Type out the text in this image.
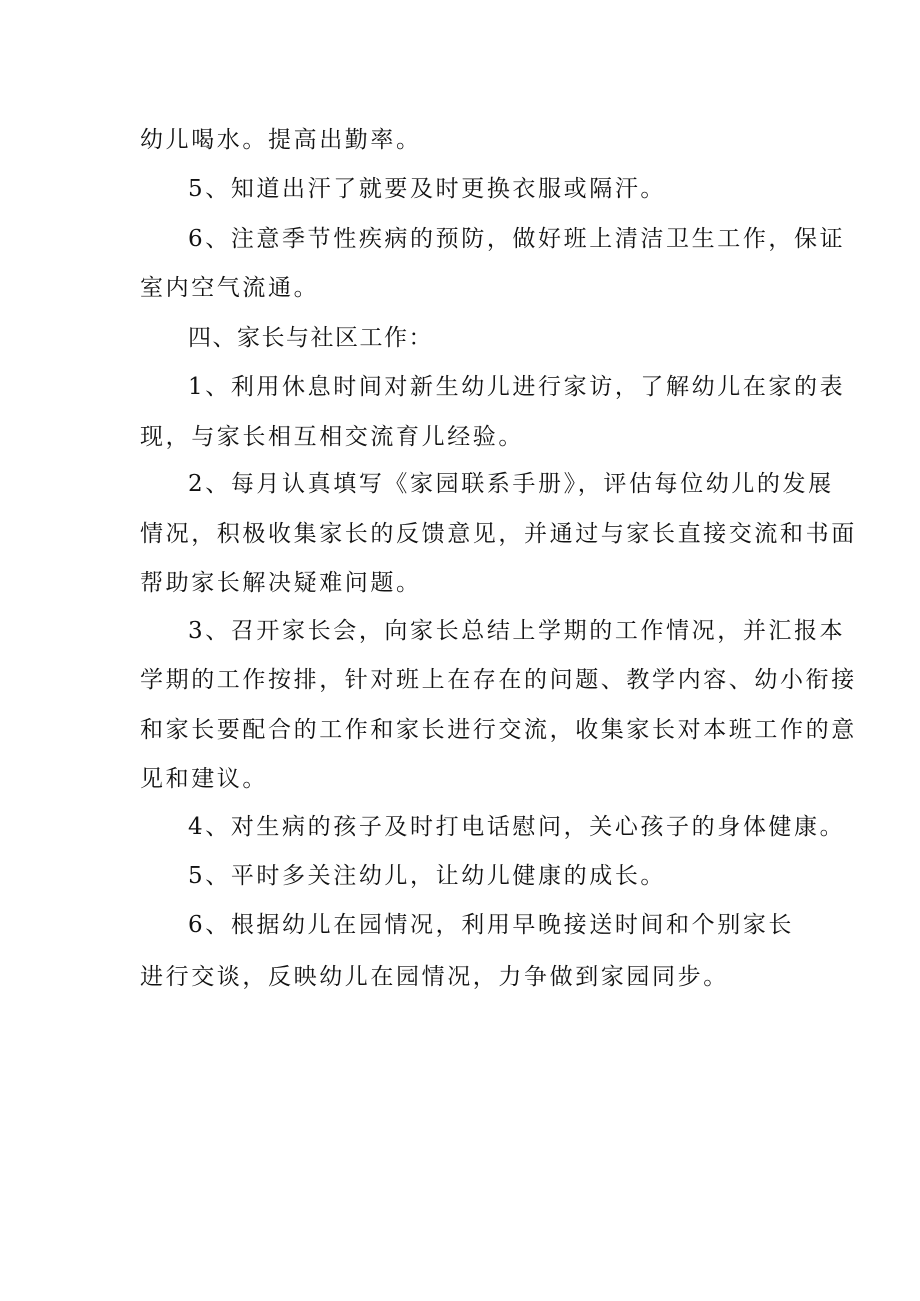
幼儿喝水。提高出勤率。
5、知道出汗了就要及时更换衣服或隔汗。
6、注意季节性疾病的预防，做好班上清洁卫生工作，保证
室内空气流通。
四、家长与社区工作：
1、利用休息时间对新生幼儿进行家访，了解幼儿在家的表
现，与家长相互相交流育儿经验。
2、每月认真填写《家园联系手册》，评估每位幼儿的发展
情况，积极收集家长的反馈意见，并通过与家长直接交流和书面
帮助家长解决疑难问题。
3、召开家长会，向家长总结上学期的工作情况，并汇报本
学期的工作按排，针对班上在存在的问题、教学内容、幼小衔接
和家长要配合的工作和家长进行交流，收集家长对本班工作的意
见和建议。
4、对生病的孩子及时打电话慰问，关心孩子的身体健康。
5、平时多关注幼儿，让幼儿健康的成长。
6、根据幼儿在园情况，利用早晚接送时间和个别家长
进行交谈，反映幼儿在园情况，力争做到家园同步。
